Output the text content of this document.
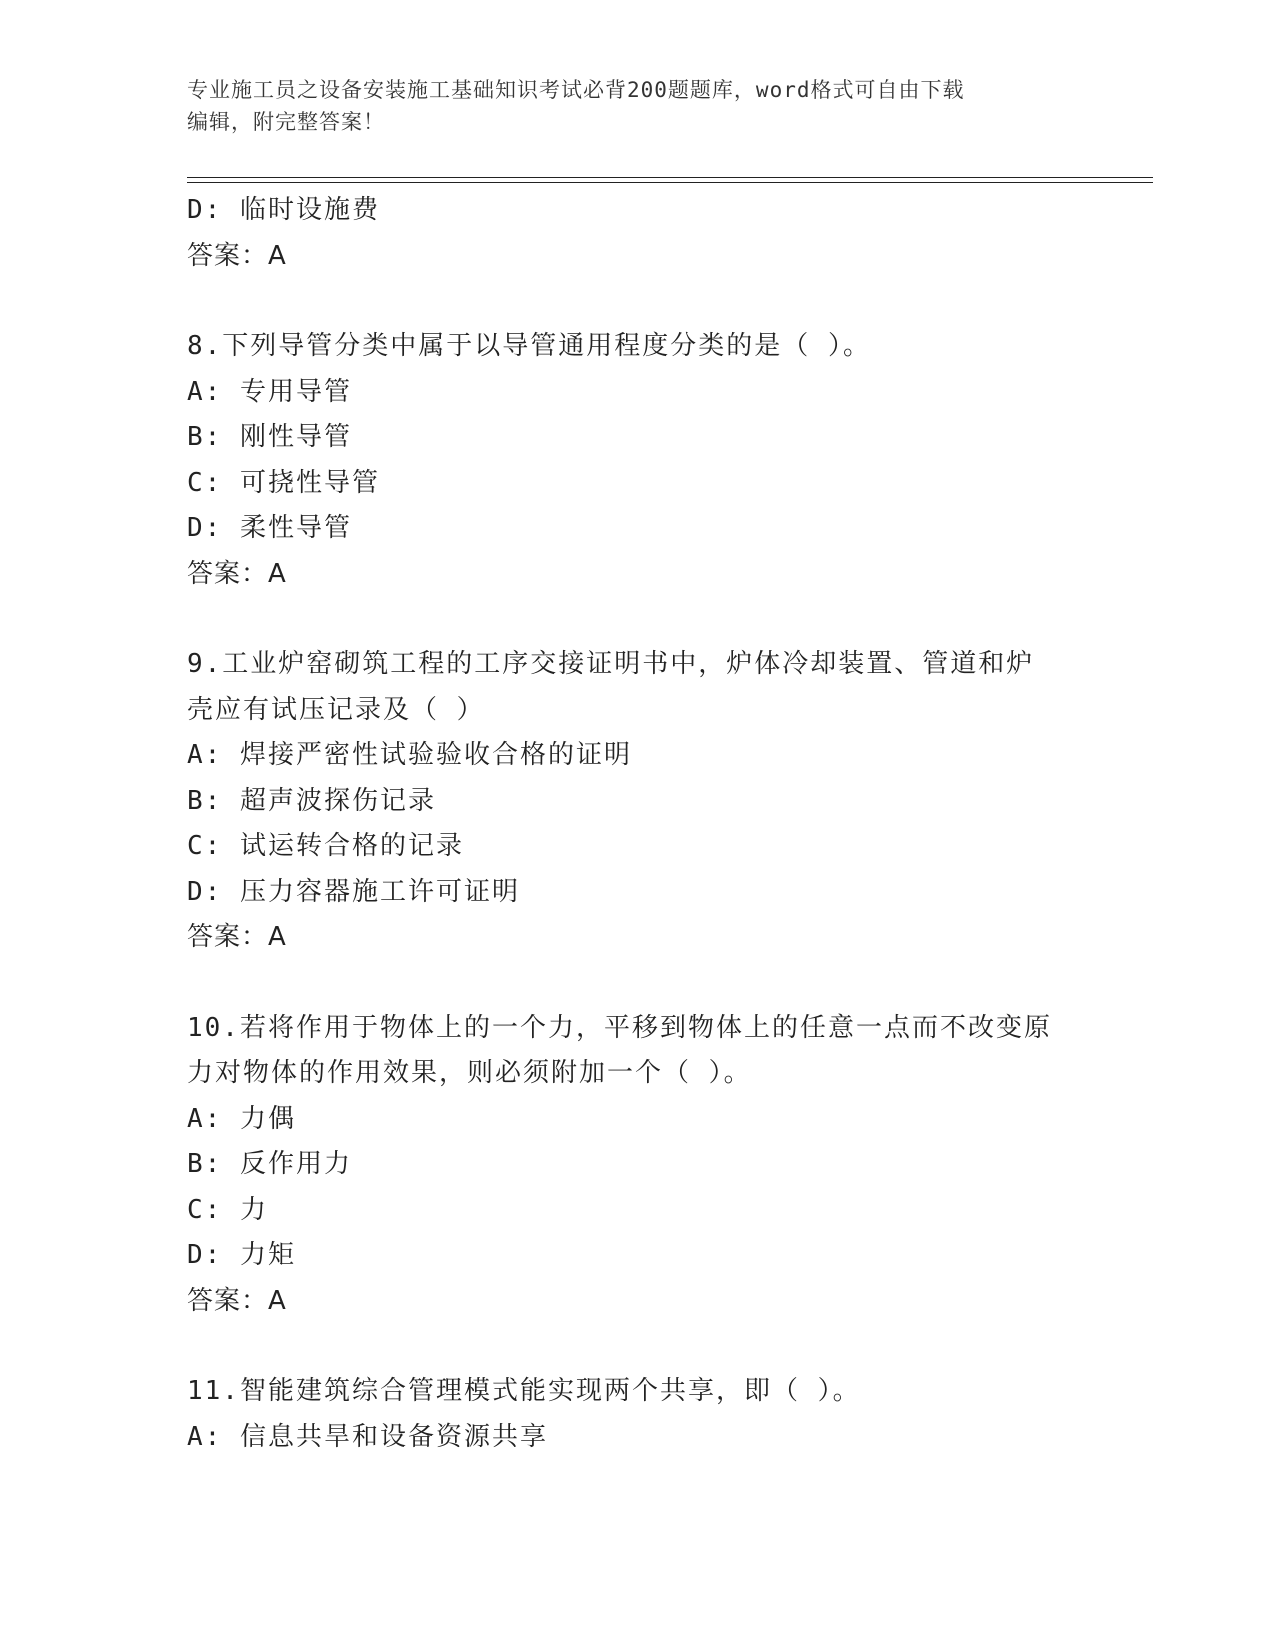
专业施工员之设备安装施工基础知识考试必背200题题库，word格式可自由下载
编辑，附完整答案！
D: 临时设施费
答案：A
8.下列导管分类中属于以导管通用程度分类的是（ ）。
A: 专用导管
B: 刚性导管
C: 可挠性导管
D: 柔性导管
答案：A
9.工业炉窑砌筑工程的工序交接证明书中，炉体冷却装置、管道和炉
壳应有试压记录及（ ）
A: 焊接严密性试验验收合格的证明
B: 超声波探伤记录
C: 试运转合格的记录
D: 压力容器施工许可证明
答案：A
10.若将作用于物体上的一个力，平移到物体上的任意一点而不改变原
力对物体的作用效果，则必须附加一个（ ）。
A: 力偶
B: 反作用力
C: 力
D: 力矩
答案：A
11.智能建筑综合管理模式能实现两个共享，即（ ）。
A: 信息共旱和设备资源共享
